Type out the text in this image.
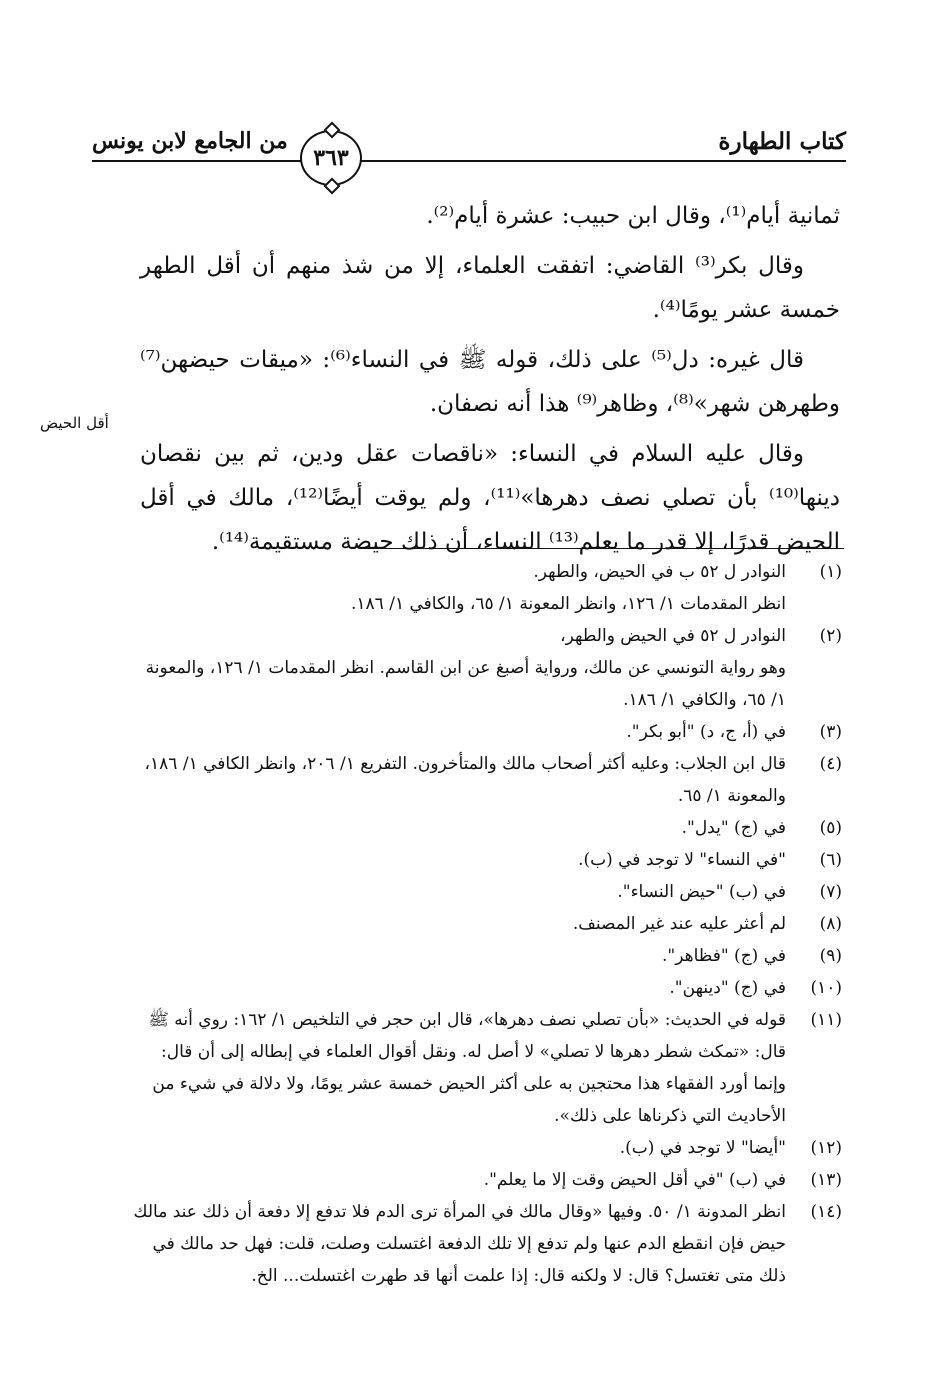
كتاب الطهارة
من الجامع لابن يونس
٣٦٣

ثمانية أيام⁽¹⁾، وقال ابن حبيب: عشرة أيام⁽²⁾.

وقال بكر⁽³⁾ القاضي: اتفقت العلماء، إلا من شذ منهم أن أقل الطهر خمسة عشر يومًا⁽⁴⁾.

قال غيره: دل⁽⁵⁾ على ذلك، قوله ﷺ في النساء⁽⁶⁾: «ميقات حيضهن⁽⁷⁾ وطهرهن شهر»⁽⁸⁾، وظاهر⁽⁹⁾ هذا أنه نصفان.

وقال عليه السلام في النساء: «ناقصات عقل ودين، ثم بين نقصان دينها⁽¹⁰⁾ بأن تصلي نصف دهرها»⁽¹¹⁾، ولم يوقت أيضًا⁽¹²⁾، مالك في أقل الحيض قدرًا، إلا قدر ما يعلم⁽¹³⁾ النساء، أن ذلك حيضة مستقيمة⁽¹⁴⁾.

أقل الحيض
(١)
النوادر ل ٥٢ ب في الحيض، والطهر.
انظر المقدمات ١/ ١٢٦، وانظر المعونة ١/ ٦٥، والكافي ١/ ١٨٦.
(٢)
النوادر ل ٥٢ في الحيض والطهر،
وهو رواية التونسي عن مالك، ورواية أصبغ عن ابن القاسم. انظر المقدمات ١/ ١٢٦، والمعونة ١/ ٦٥، والكافي ١/ ١٨٦.
(٣)
في (أ، ج، د) "أبو بكر".
(٤)
قال ابن الجلاب: وعليه أكثر أصحاب مالك والمتأخرون. التفريع ١/ ٢٠٦، وانظر الكافي ١/ ١٨٦، والمعونة ١/ ٦٥.
(٥)
في (ج) "يدل".
(٦)
"في النساء" لا توجد في (ب).
(٧)
في (ب) "حيض النساء".
(٨)
لم أعثر عليه عند غير المصنف.
(٩)
في (ج) "فظاهر".
(١٠)
في (ج) "دينهن".
(١١)
قوله في الحديث: «بأن تصلي نصف دهرها»، قال ابن حجر في التلخيص ١/ ١٦٢: روي أنه ﷺ قال: «تمكث شطر دهرها لا تصلي» لا أصل له. ونقل أقوال العلماء في إبطاله إلى أن قال: وإنما أورد الفقهاء هذا محتجين به على أكثر الحيض خمسة عشر يومًا، ولا دلالة في شيء من الأحاديث التي ذكرناها على ذلك».
(١٢)
"أيضا" لا توجد في (ب).
(١٣)
في (ب) "في أقل الحيض وقت إلا ما يعلم".
(١٤)
انظر المدونة ١/ ٥٠. وفيها «وقال مالك في المرأة ترى الدم فلا تدفع إلا دفعة أن ذلك عند مالك حيض فإن انقطع الدم عنها ولم تدفع إلا تلك الدفعة اغتسلت وصلت، قلت: فهل حد مالك في ذلك متى تغتسل؟ قال: لا ولكنه قال: إذا علمت أنها قد طهرت اغتسلت... الخ.
